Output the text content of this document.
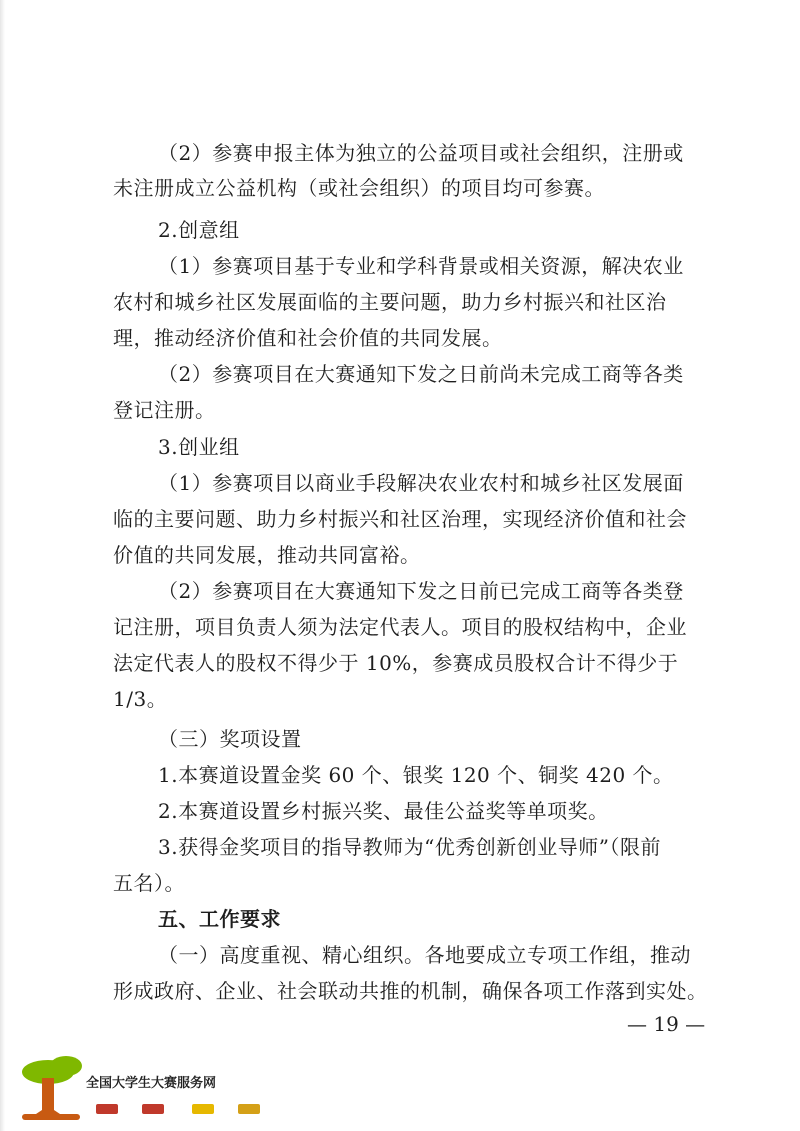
（2）参赛申报主体为独立的公益项目或社会组织，注册或
未注册成立公益机构（或社会组织）的项目均可参赛。
2.创意组
（1）参赛项目基于专业和学科背景或相关资源，解决农业
农村和城乡社区发展面临的主要问题，助力乡村振兴和社区治
理，推动经济价值和社会价值的共同发展。
（2）参赛项目在大赛通知下发之日前尚未完成工商等各类
登记注册。
3.创业组
（1）参赛项目以商业手段解决农业农村和城乡社区发展面
临的主要问题、助力乡村振兴和社区治理，实现经济价值和社会
价值的共同发展，推动共同富裕。
（2）参赛项目在大赛通知下发之日前已完成工商等各类登
记注册，项目负责人须为法定代表人。项目的股权结构中，企业
法定代表人的股权不得少于 10%，参赛成员股权合计不得少于
1/3。
（三）奖项设置
1.本赛道设置金奖 60 个、银奖 120 个、铜奖 420 个。
2.本赛道设置乡村振兴奖、最佳公益奖等单项奖。
3.获得金奖项目的指导教师为“优秀创新创业导师”（限前
五名）。
五、工作要求
（一）高度重视、精心组织。各地要成立专项工作组，推动
形成政府、企业、社会联动共推的机制，确保各项工作落到实处。
— 19 —
全国大学生大赛服务网
